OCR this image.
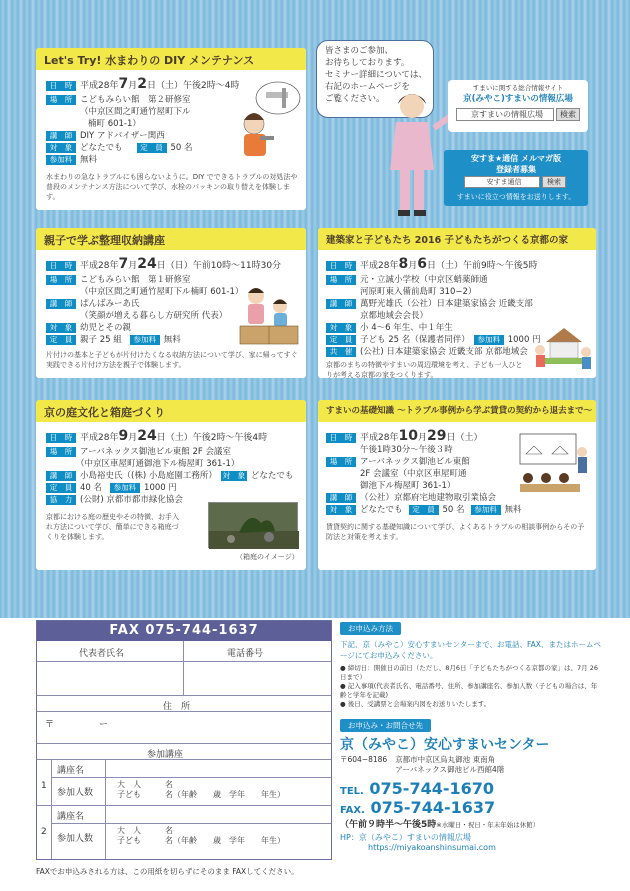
Let's Try! 水まわりの DIY メンテナンス
日　時 平成28年7月2日（土）午後2時〜4時
場　所 こどもみらい館　第２研修室
（中京区間之町通竹屋町下ル
楠町 601-1）
講　師 DIY アドバイザー関西
対　象 どなたでも 定　員 50 名
参加料 無料
水まわりの急なトラブルにも困らないように。DIY でできるトラブルの対処法や普段のメンテナンス方法について学び、水栓のパッキンの取り替えを体験します。
親子で学ぶ整理収納講座
日　時 平成28年7月24日（日）午前10時〜11時30分
場　所 こどもみらい館　第１研修室
（中京区間之町通竹屋町下ル楠町 601-1）
講　師 ぱんばみーあ氏
（笑顔が増える暮らし方研究所 代表）
対　象 幼児とその親
定　員 親子 25 組 参加料 無料
片付けの基本と子どもが片付けたくなる収納方法について学び、家に帰ってすぐ実践できる片付け方法を親子で体験します。
京の庭文化と箱庭づくり
日　時 平成28年9月24日（土）午後2時〜午後4時
場　所 アーバネックス御池ビル東館 2F 会議室
（中京区車屋町通御池下ル梅屋町 361-1）
講　師 小島裕史氏（(株) 小島庭園工務所） 対　象 どなたでも
定　員 40 名 参加料 1000 円
協　力 (公財) 京都市都市緑化協会
京都における庭の歴史やその特徴、お手入れ方法について学び、簡単にできる箱庭づくりを体験します。
（箱庭のイメージ）
建築家と子どもたち 2016 子どもたちがつくる京都の家
日　時 平成28年8月6日（土）午前9時〜午後5時
場　所 元・立誠小学校（中京区蛸薬師通
河原町東入備前島町 310−2）
講　師 萬野光雄氏（公社）日本建築家協会 近畿支部
京都地域会会長）
対　象 小 4〜6 年生、中１年生
定　員 子ども 25 名（保護者同伴） 参加料 1000 円
共　催 (公社) 日本建築家協会 近畿支部 京都地域会
京都のまちの特徴やすまいの周辺環境を考え、子ども一人ひとりが考える京都の家をつくります。
すまいの基礎知識 〜トラブル事例から学ぶ賃貸の契約から退去まで〜
日　時 平成28年10月29日（土）
午後1時30分〜午後３時
場　所 アーバネックス御池ビル東館
2F 会議室（中京区車屋町通
御池下ル梅屋町 361-1）
講　師 （公社）京都府宅地建物取引業協会
対　象 どなたでも 定　員 50 名 参加料 無料
賃貸契約に関する基礎知識について学び、よくあるトラブルの相談事例からその予防法と対策を考えます。

皆さまのご参加、

お待ちしております。

セミナー詳細については、

右記のホームページを

ご覧ください。

すまいに関する総合情報サイト
京(みやこ)すまいの情報広場
京すまいの情報広場	検索
安すま★通信 メルマガ版
登録者募集
安すま通信	検索
すまいに役立つ情報をお送りします。
FAX 075-744-1637
代表者氏名	電話番号
住　所
〒　　　　　ー
参加講座
1
講座名
参加人数
大　人　　　名
子ども　　　名（年齢　　歳　学年　　年生）
2
講座名
参加人数
大　人　　　名
子ども　　　名（年齢　　歳　学年　　年生）
FAXでお申込みされる方は、この用紙を切らずにそのまま FAXしてください。
お申込み方法
下記、京（みやこ）安心すまいセンターまで、お電話、FAX、またはホームページにてお申込みください。
● 締切日：開催日の前日（ただし、8月6日「子どもたちがつくる京都の家」は、7月 26 日まで）
● 記入事項(代表者氏名、電話番号、住所、参加講座名、参加人数（子どもの場合は、年齢と学年を記載)
● 後日、受講票と会場案内図をお送りいたします。
お申込み・お問合せ先
京（みやこ）安心すまいセンター
〒604−8186 京都市中京区烏丸御池 東南角
アーバネックス御池ビル西館4階
TEL. 075-744-1670
FAX. 075-744-1637
（午前９時半〜午後5時※水曜日・祝日・年末年始は休館）
HP：京（みやこ）すまいの情報広場
https://miyakoanshinsumai.com
